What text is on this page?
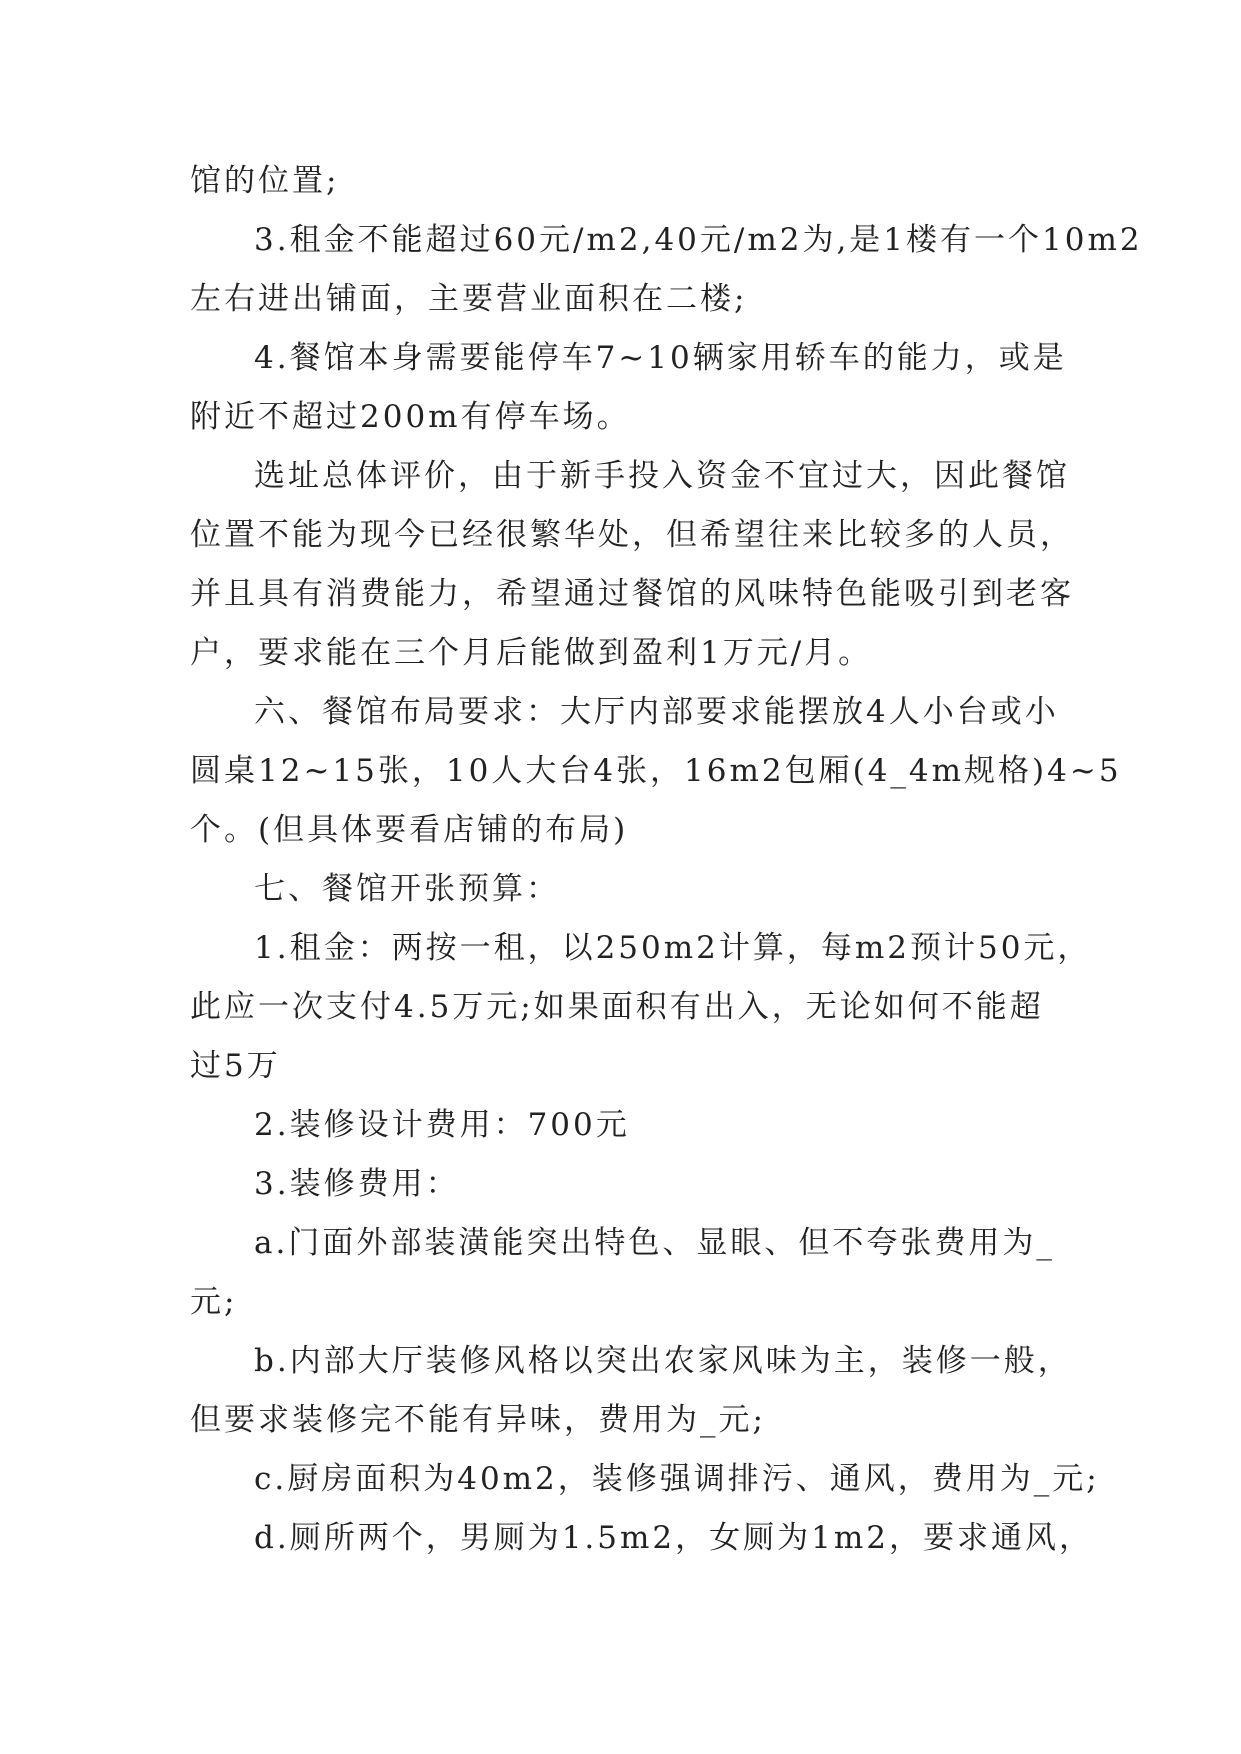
馆的位置;
3.租金不能超过60元/m2,40元/m2为,是1楼有一个10m2
左右进出铺面，主要营业面积在二楼;
4.餐馆本身需要能停车7~10辆家用轿车的能力，或是
附近不超过200m有停车场。
选址总体评价，由于新手投入资金不宜过大，因此餐馆
位置不能为现今已经很繁华处，但希望往来比较多的人员，
并且具有消费能力，希望通过餐馆的风味特色能吸引到老客
户，要求能在三个月后能做到盈利1万元/月。
六、餐馆布局要求：大厅内部要求能摆放4人小台或小
圆桌12~15张，10人大台4张，16m2包厢(4_4m规格)4~5
个。(但具体要看店铺的布局)
七、餐馆开张预算：
1.租金：两按一租，以250m2计算，每m2预计50元，
此应一次支付4.5万元;如果面积有出入，无论如何不能超
过5万
2.装修设计费用：700元
3.装修费用：
a.门面外部装潢能突出特色、显眼、但不夸张费用为_
元;
b.内部大厅装修风格以突出农家风味为主，装修一般，
但要求装修完不能有异味，费用为_元;
c.厨房面积为40m2，装修强调排污、通风，费用为_元;
d.厕所两个，男厕为1.5m2，女厕为1m2，要求通风，
